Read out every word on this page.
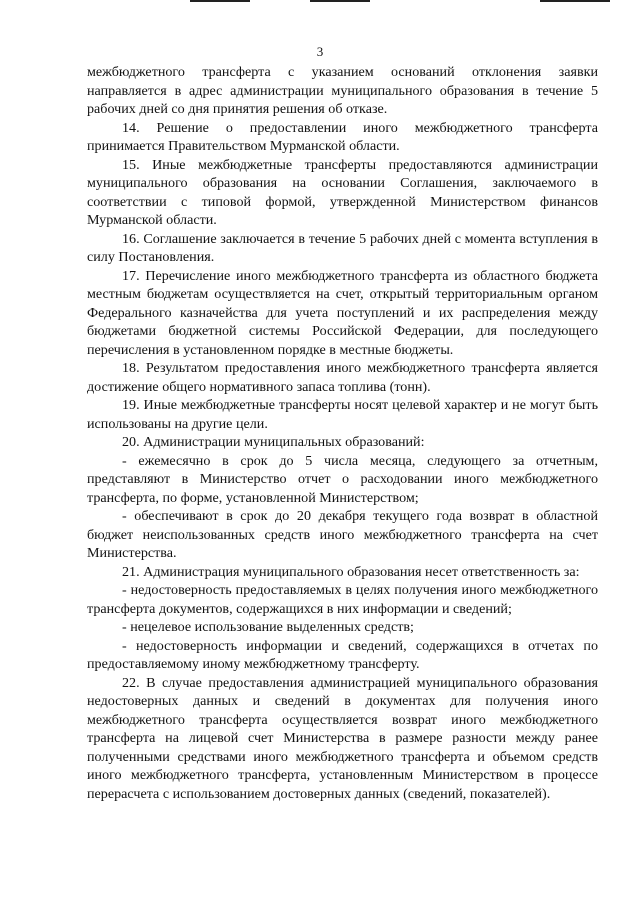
3

межбюджетного трансферта с указанием оснований отклонения заявки направляется в адрес администрации муниципального образования в течение 5 рабочих дней со дня принятия решения об отказе.

14. Решение о предоставлении иного межбюджетного трансферта принимается Правительством Мурманской области.

15. Иные межбюджетные трансферты предоставляются администрации муниципального образования на основании Соглашения, заключаемого в соответствии с типовой формой, утвержденной Министерством финансов Мурманской области.

16. Соглашение заключается в течение 5 рабочих дней с момента вступления в силу Постановления.

17. Перечисление иного межбюджетного трансферта из областного бюджета местным бюджетам осуществляется на счет, открытый территориальным органом Федерального казначейства для учета поступлений и их распределения между бюджетами бюджетной системы Российской Федерации, для последующего перечисления в установленном порядке в местные бюджеты.

18. Результатом предоставления иного межбюджетного трансферта является достижение общего нормативного запаса топлива (тонн).

19. Иные межбюджетные трансферты носят целевой характер и не могут быть использованы на другие цели.

20. Администрации муниципальных образований:

- ежемесячно в срок до 5 числа месяца, следующего за отчетным, представляют в Министерство отчет о расходовании иного межбюджетного трансферта, по форме, установленной Министерством;

- обеспечивают в срок до 20 декабря текущего года возврат в областной бюджет неиспользованных средств иного межбюджетного трансферта на счет Министерства.

21. Администрация муниципального образования несет ответственность за:

- недостоверность предоставляемых в целях получения иного межбюджетного трансферта документов, содержащихся в них информации и сведений;

- нецелевое использование выделенных средств;

- недостоверность информации и сведений, содержащихся в отчетах по предоставляемому иному межбюджетному трансферту.

22. В случае предоставления администрацией муниципального образования недостоверных данных и сведений в документах для получения иного межбюджетного трансферта осуществляется возврат иного межбюджетного трансферта на лицевой счет Министерства в размере разности между ранее полученными средствами иного межбюджетного трансферта и объемом средств иного межбюджетного трансферта, установленным Министерством в процессе перерасчета с использованием достоверных данных (сведений, показателей).
